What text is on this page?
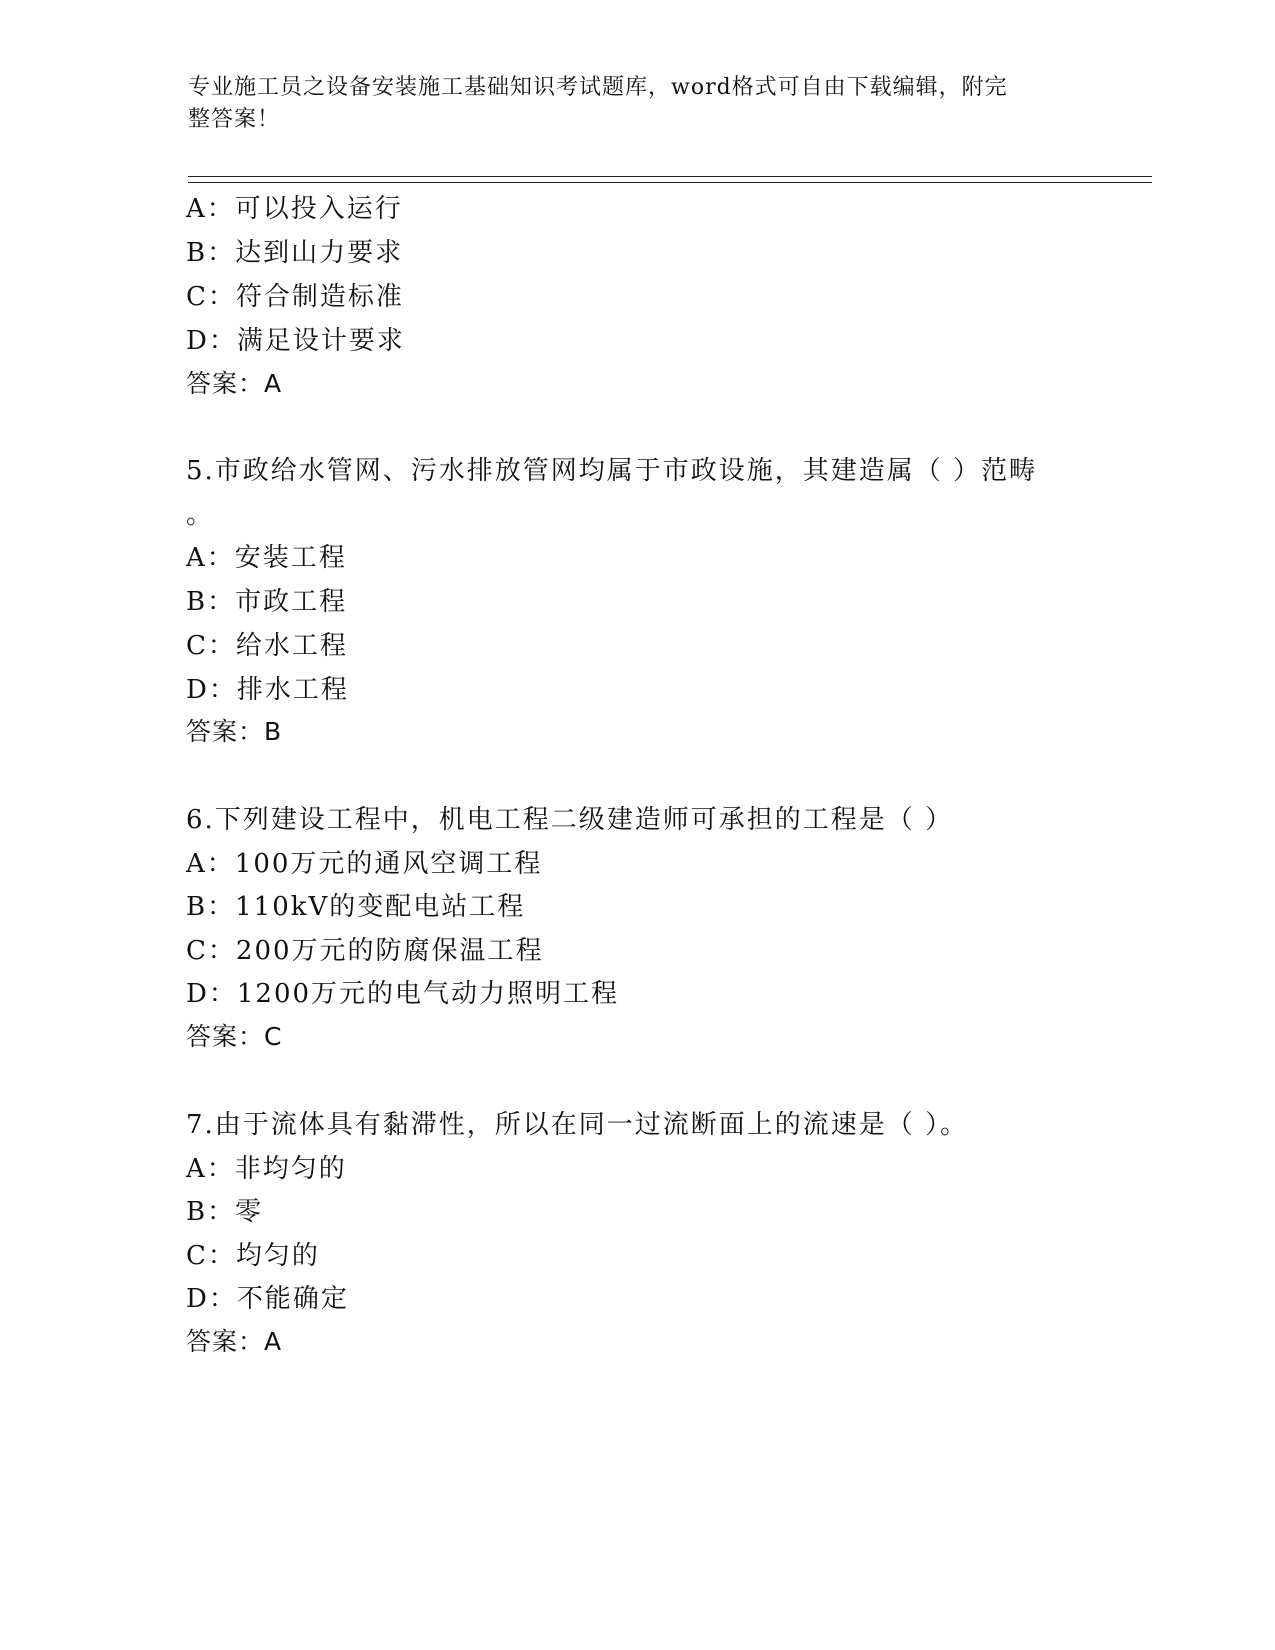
专业施工员之设备安装施工基础知识考试题库，word格式可自由下载编辑，附完
整答案！
A：可以投入运行
B：达到山力要求
C：符合制造标准
D：满足设计要求
答案：A
5.市政给水管网、污水排放管网均属于市政设施，其建造属（ ）范畴
。
A：安装工程
B：市政工程
C：给水工程
D：排水工程
答案：B
6.下列建设工程中，机电工程二级建造师可承担的工程是（ ）
A：100万元的通风空调工程
B：110kV的变配电站工程
C：200万元的防腐保温工程
D：1200万元的电气动力照明工程
答案：C
7.由于流体具有黏滞性，所以在同一过流断面上的流速是（ ）。
A：非均匀的
B：零
C：均匀的
D：不能确定
答案：A
